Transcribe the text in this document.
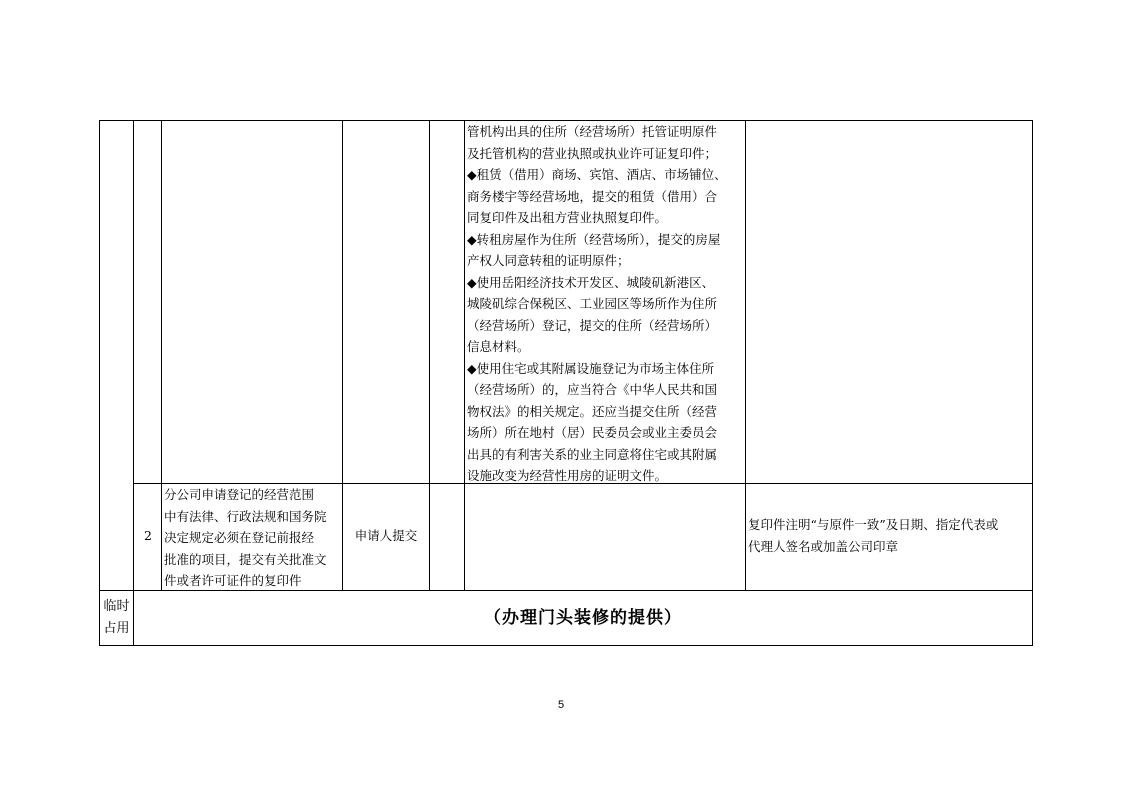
管机构出具的住所（经营场所）托管证明原件
及托管机构的营业执照或执业许可证复印件；
◆租赁（借用）商场、宾馆、酒店、市场铺位、
商务楼宇等经营场地，提交的租赁（借用）合
同复印件及出租方营业执照复印件。
◆转租房屋作为住所（经营场所），提交的房屋
产权人同意转租的证明原件；
◆使用岳阳经济技术开发区、城陵矶新港区、
城陵矶综合保税区、工业园区等场所作为住所
（经营场所）登记，提交的住所（经营场所）
信息材料。
◆使用住宅或其附属设施登记为市场主体住所
（经营场所）的，应当符合《中华人民共和国
物权法》的相关规定。还应当提交住所（经营
场所）所在地村（居）民委员会或业主委员会
出具的有利害关系的业主同意将住宅或其附属
设施改变为经营性用房的证明文件。
2
分公司申请登记的经营范围
中有法律、行政法规和国务院
决定规定必须在登记前报经
批准的项目，提交有关批准文
件或者许可证件的复印件
申请人提交
复印件注明“与原件一致”及日期、指定代表或
代理人签名或加盖公司印章
临时
占用
（办理门头装修的提供）
5
